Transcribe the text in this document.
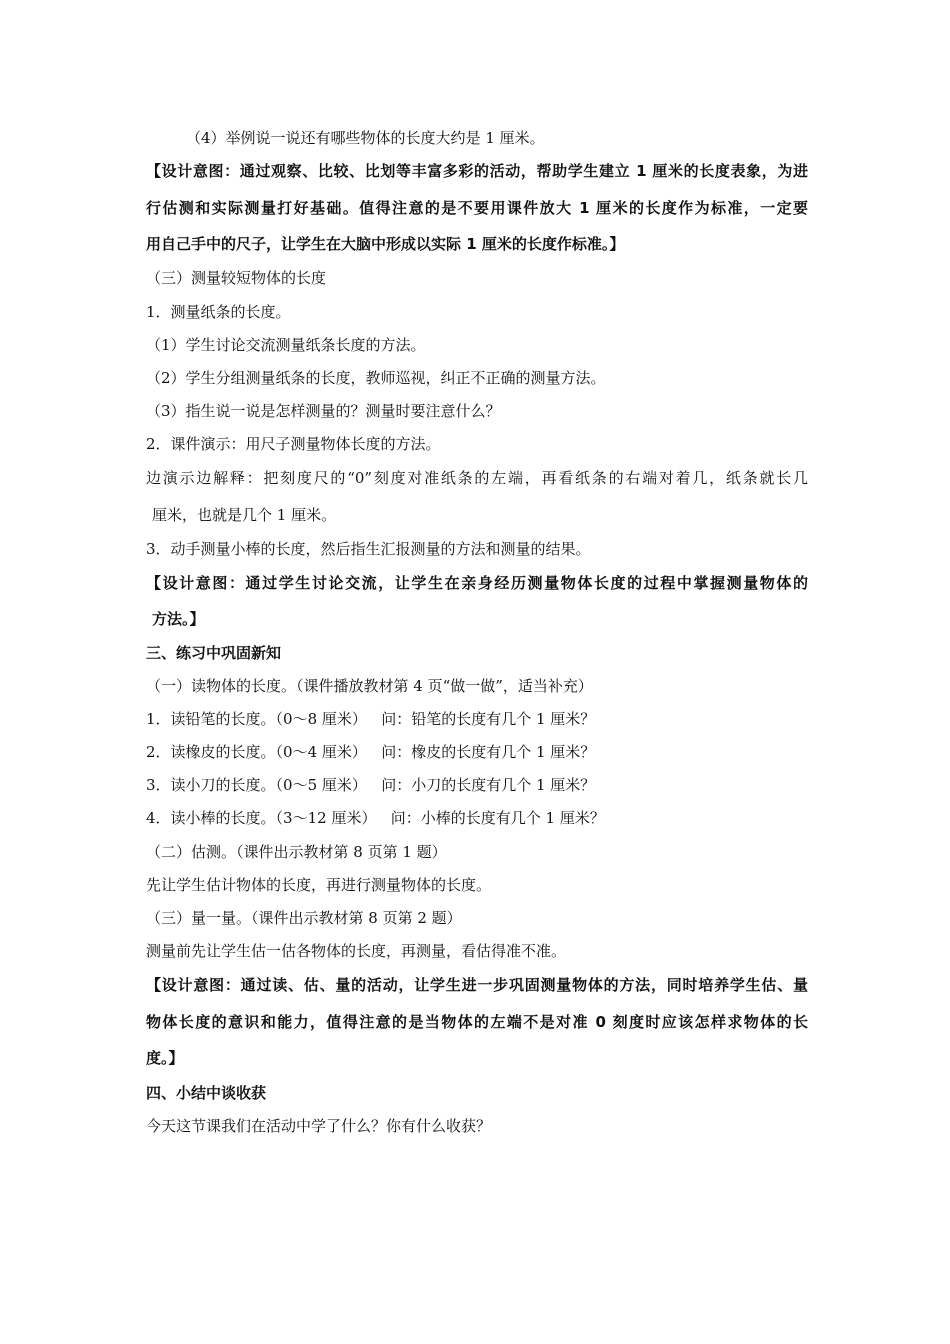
（4）举例说一说还有哪些物体的长度大约是 1 厘米。
【设计意图：通过观察、比较、比划等丰富多彩的活动，帮助学生建立 1 厘米的长度表象，为进
行估测和实际测量打好基础。值得注意的是不要用课件放大 1 厘米的长度作为标准，一定要
用自己手中的尺子，让学生在大脑中形成以实际 1 厘米的长度作标准。】
（三）测量较短物体的长度
1．测量纸条的长度。
（1）学生讨论交流测量纸条长度的方法。
（2）学生分组测量纸条的长度，教师巡视，纠正不正确的测量方法。
（3）指生说一说是怎样测量的？测量时要注意什么？
2．课件演示：用尺子测量物体长度的方法。
边演示边解释：把刻度尺的“0”刻度对准纸条的左端，再看纸条的右端对着几，纸条就长几
厘米，也就是几个 1 厘米。
3．动手测量小棒的长度，然后指生汇报测量的方法和测量的结果。
【设计意图：通过学生讨论交流，让学生在亲身经历测量物体长度的过程中掌握测量物体的
方法。】
三、练习中巩固新知
（一）读物体的长度。（课件播放教材第 4 页“做一做”，适当补充）
1．读铅笔的长度。（0～8 厘米）   问：铅笔的长度有几个 1 厘米？
2．读橡皮的长度。（0～4 厘米）   问：橡皮的长度有几个 1 厘米？
3．读小刀的长度。（0～5 厘米）   问：小刀的长度有几个 1 厘米？
4．读小棒的长度。（3～12 厘米）   问：小棒的长度有几个 1 厘米？
（二）估测。（课件出示教材第 8 页第 1 题）
先让学生估计物体的长度，再进行测量物体的长度。
（三）量一量。（课件出示教材第 8 页第 2 题）
测量前先让学生估一估各物体的长度，再测量，看估得准不准。
【设计意图：通过读、估、量的活动，让学生进一步巩固测量物体的方法，同时培养学生估、量
物体长度的意识和能力，值得注意的是当物体的左端不是对准 0 刻度时应该怎样求物体的长
度。】
四、小结中谈收获
今天这节课我们在活动中学了什么？你有什么收获？
